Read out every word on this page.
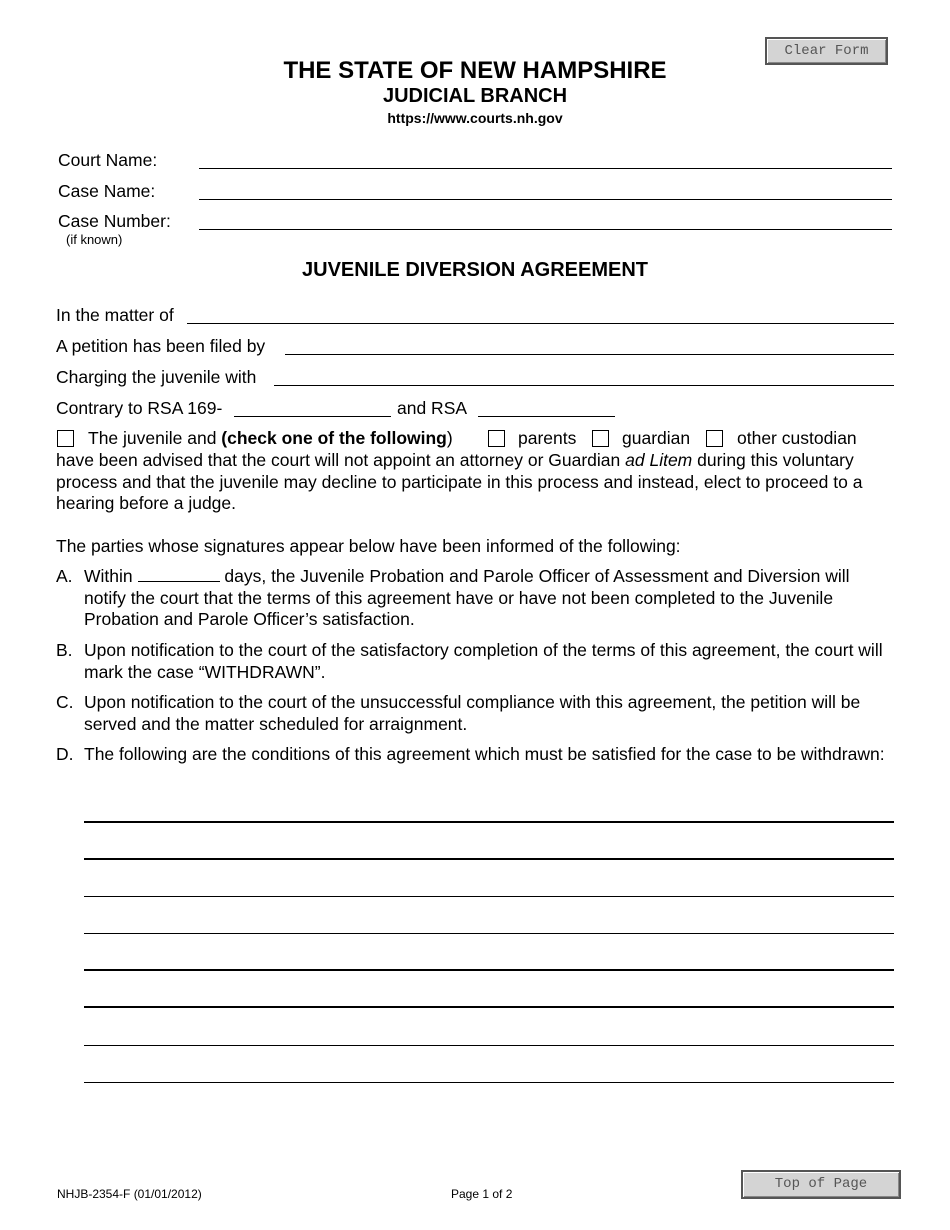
Clear Form
THE STATE OF NEW HAMPSHIRE
JUDICIAL BRANCH
https://www.courts.nh.gov
Court Name:
Case Name:
Case Number:
(if known)
JUVENILE DIVERSION AGREEMENT
In the matter of
A petition has been filed by
Charging the juvenile with
Contrary to RSA 169-	and RSA
The juvenile and (check one of the following)	parents	guardian	other custodian
have been advised that the court will not appoint an attorney or Guardian ad Litem during this voluntary process and that the juvenile may decline to participate in this process and instead, elect to proceed to a hearing before a judge.
The parties whose signatures appear below have been informed of the following:
A. Within	days, the Juvenile Probation and Parole Officer of Assessment and Diversion will notify the court that the terms of this agreement have or have not been completed to the Juvenile Probation and Parole Officer’s satisfaction.
B. Upon notification to the court of the satisfactory completion of the terms of this agreement, the court will mark the case “WITHDRAWN”.
C. Upon notification to the court of the unsuccessful compliance with this agreement, the petition will be served and the matter scheduled for arraignment.
D. The following are the conditions of this agreement which must be satisfied for the case to be withdrawn:
NHJB-2354-F (01/01/2012)	Page 1 of 2
Top of Page
